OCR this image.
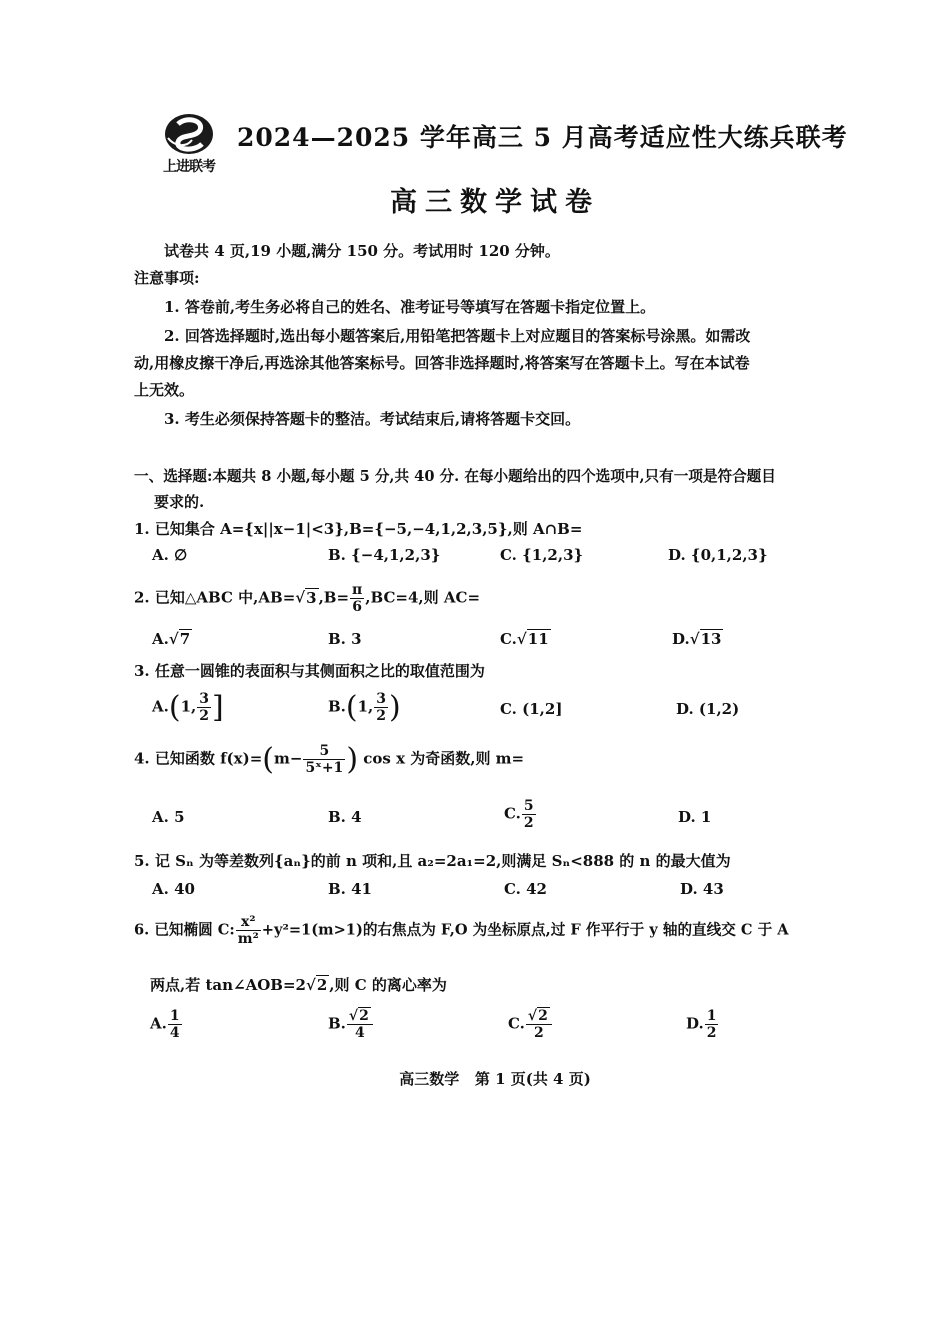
上进联考
2024—2025 学年高三 5 月高考适应性大练兵联考
高三数学试卷
试卷共 4 页,19 小题,满分 150 分。考试用时 120 分钟。
注意事项:
1. 答卷前,考生务必将自己的姓名、准考证号等填写在答题卡指定位置上。
2. 回答选择题时,选出每小题答案后,用铅笔把答题卡上对应题目的答案标号涂黑。如需改
动,用橡皮擦干净后,再选涂其他答案标号。回答非选择题时,将答案写在答题卡上。写在本试卷
上无效。
3. 考生必须保持答题卡的整洁。考试结束后,请将答题卡交回。
一、选择题:本题共 8 小题,每小题 5 分,共 40 分. 在每小题给出的四个选项中,只有一项是符合题目
要求的.
1. 已知集合 A={x||x−1|<3},B={−5,−4,1,2,3,5},则 A∩B=
A. ∅	B. {−4,1,2,3}	C. {1,2,3}	D. {0,1,2,3}
2. 已知△ABC 中,AB=√3 $,B= \frac{\pi}{6} ,BC=4$,则 AC=
A.√7	B. 3	C.√11	D.√13
3. 任意一圆锥的表面积与其侧面积之比的取值范围为
A.(1, $\frac{3}{2}$ ]	B.(1, $\frac{3}{2}$ )	C. (1,2]	D. (1,2)
4. 已知函数 $f(x)=(m- \frac{5}{\text{5ˣ+1}}$ ) cos x 为奇函数,则 m=
A. 5	B. 4	C. $\frac{5}{2}$	D. 1
5. 记 Sₙ 为等差数列{aₙ}的前 n 项和,且 a₂=2a₁=2,则满足 Sₙ<888 的 n 的最大值为
A. 40	B. 41	C. 42	D. 43
6. 已知椭圆 C: $\frac{\text{x²}}{\text{m²}} +y^2=1(m>1)$的右焦点为 F,O 为坐标原点,过 F 作平行于 y 轴的直线交 C 于 A
两点,若 tan∠AOB=2√2 ,则 C 的离心率为
A. $\frac{1}{4}$	B. $\frac{√2}{4}$	C. $\frac{√2}{2}$	D. $\frac{1}{2}$
高三数学   第 1 页(共 4 页)
